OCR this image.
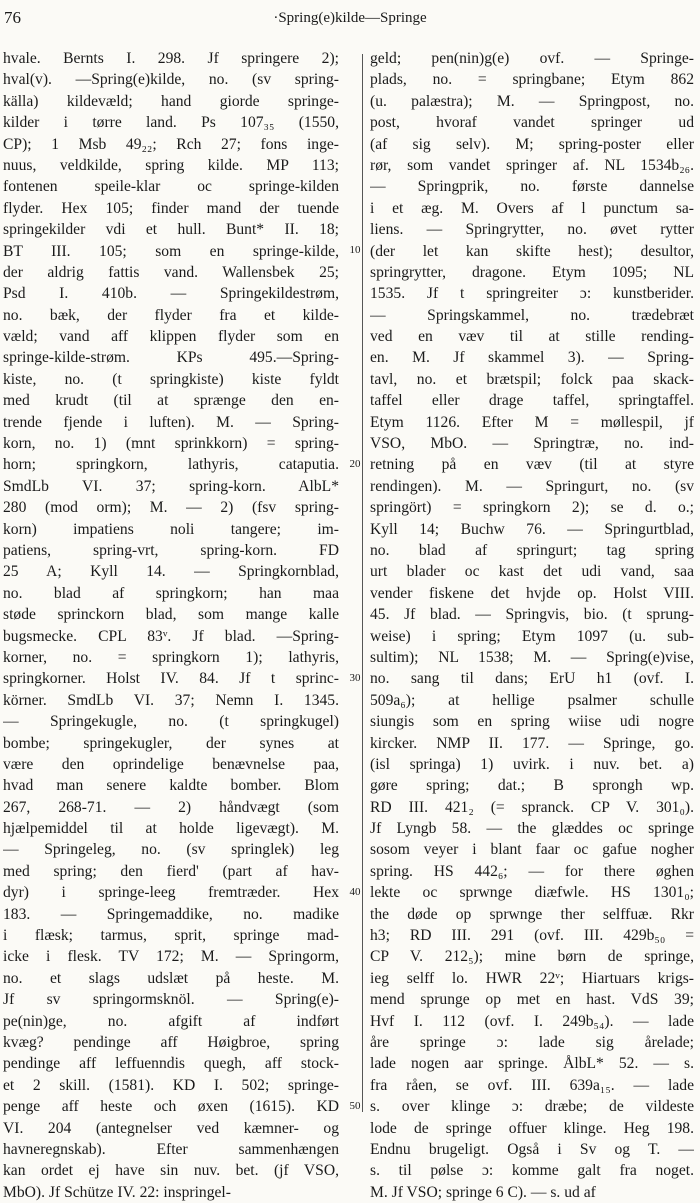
76	·Spring(e)kilde—Springe
hvale. Bernts I. 298. Jf springere 2);
hval(v). —Spring(e)kilde, no. (sv spring-
källa) kildevæld; hand giorde springe-
kilder i tørre land. Ps 107₃₅ (1550,
CP); 1 Msb 49₂₂; Rch 27; fons inge-
nuus, veldkilde, spring kilde. MP 113;
fontenen speile-klar oc springe-kilden
flyder. Hex 105; finder mand der tuende
springekilder vdi et hull. Bunt* II. 18;
BT III. 105; som en springe-kilde,
der aldrig fattis vand. Wallensbek 25;
Psd I. 410b. — Springekildestrøm,
no. bæk, der flyder fra et kilde-
væld; vand aff klippen flyder som en
springe-kilde-strøm. KPs 495.—Spring-
kiste, no. (t springkiste) kiste fyldt
med krudt (til at sprænge den en-
trende fjende i luften). M. — Spring-
korn, no. 1) (mnt sprinkkorn) = spring-
horn; springkorn, lathyris, cataputia.
SmdLb VI. 37; spring-korn. AlbL*
280 (mod orm); M. — 2) (fsv spring-
korn) impatiens noli tangere; im-
patiens, spring-vrt, spring-korn. FD
25 A; Kyll 14. — Springkornblad,
no. blad af springkorn; han maa
støde sprinckorn blad, som mange kalle
bugsmecke. CPL 83ᵛ. Jf blad. —Spring-
korner, no. = springkorn 1); lathyris,
springkorner. Holst IV. 84. Jf t sprinc-
körner. SmdLb VI. 37; Nemn I. 1345.
— Springekugle, no. (t springkugel)
bombe; springekugler, der synes at
være den oprindelige benævnelse paa,
hvad man senere kaldte bomber. Blom
267, 268-71. — 2) håndvægt (som
hjælpemiddel til at holde ligevægt). M.
— Springeleg, no. (sv springlek) leg
med spring; den fierd' (part af hav-
dyr) i springe-leeg fremtræder. Hex
183. — Springemaddike, no. madike
i flæsk; tarmus, sprit, springe mad-
icke i flesk. TV 172; M. — Springorm,
no. et slags udslæt på heste. M.
Jf sv springormsknöl. — Spring(e)-
pe(nin)ge, no. afgift af indført
kvæg? pendinge aff Høigbroe, spring
pendinge aff leffuenndis quegh, aff stock-
et 2 skill. (1581). KD I. 502; springe-
penge aff heste och øxen (1615). KD
VI. 204 (antegnelser ved kæmner- og
havneregnskab). Efter sammenhængen
kan ordet ej have sin nuv. bet. (jf VSO,
MbO). Jf Schütze IV. 22: inspringel-
10
20
30
40
50
geld; pen(nin)g(e) ovf. — Springe-
plads, no. = springbane; Etym 862
(u. palæstra); M. — Springpost, no.
post, hvoraf vandet springer ud
(af sig selv). M; spring-poster eller
rør, som vandet springer af. NL 1534b₂₆.
— Springprik, no. første dannelse
i et æg. M. Overs af l punctum sa-
liens. — Springrytter, no. øvet rytter
(der let kan skifte hest); desultor,
springrytter, dragone. Etym 1095; NL
1535. Jf t springreiter ɔ: kunstberider.
— Springskammel, no. trædebræt
ved en væv til at stille rending-
en. M. Jf skammel 3). — Spring-
tavl, no. et brætspil; folck paa skack-
taffel eller drage taffel, springtaffel.
Etym 1126. Efter M = møllespil, jf
VSO, MbO. — Springtræ, no. ind-
retning på en væv (til at styre
rendingen). M. — Springurt, no. (sv
springört) = springkorn 2); se d. o.;
Kyll 14; Buchw 76. — Springurtblad,
no. blad af springurt; tag spring
urt blader oc kast det udi vand, saa
vender fiskene det hvjde op. Holst VIII.
45. Jf blad. — Springvis, bio. (t sprung-
weise) i spring; Etym 1097 (u. sub-
sultim); NL 1538; M. — Spring(e)vise,
no. sang til dans; ErU h1 (ovf. I.
509a₆); at hellige psalmer schulle
siungis som en spring wiise udi nogre
kircker. NMP II. 177. — Springe, go.
(isl springa) 1) uvirk. i nuv. bet. a)
gøre spring; dat.; B sprongh wp.
RD III. 421₂ (= spranck. CP V. 301₀).
Jf Lyngb 58. — the glæddes oc springe
sosom veyer i blant faar oc gafue nogher
spring. HS 442₆; — for there øghen
lekte oc sprwnge diæfwle. HS 1301₀;
the døde op sprwnge ther selffuæ. Rkr
h3; RD III. 291 (ovf. III. 429b₅₀ =
CP V. 212₅); mine børn de springe,
ieg selff lo. HWR 22ᵛ; Hiartuars krigs-
mend sprunge op met en hast. VdS 39;
Hvf I. 112 (ovf. I. 249b₅₄). — lade
åre springe ɔ: lade sig årelade;
lade nogen aar springe. ÅlbL* 52. — s.
fra råen, se ovf. III. 639a₁₅. — lade
s. over klinge ɔ: dræbe; de vildeste
lode de springe offuer klinge. Heg 198.
Endnu brugeligt. Også i Sv og T. —
s. til pølse ɔ: komme galt fra noget.
M. Jf VSO; springe 6 C). — s. ud af
